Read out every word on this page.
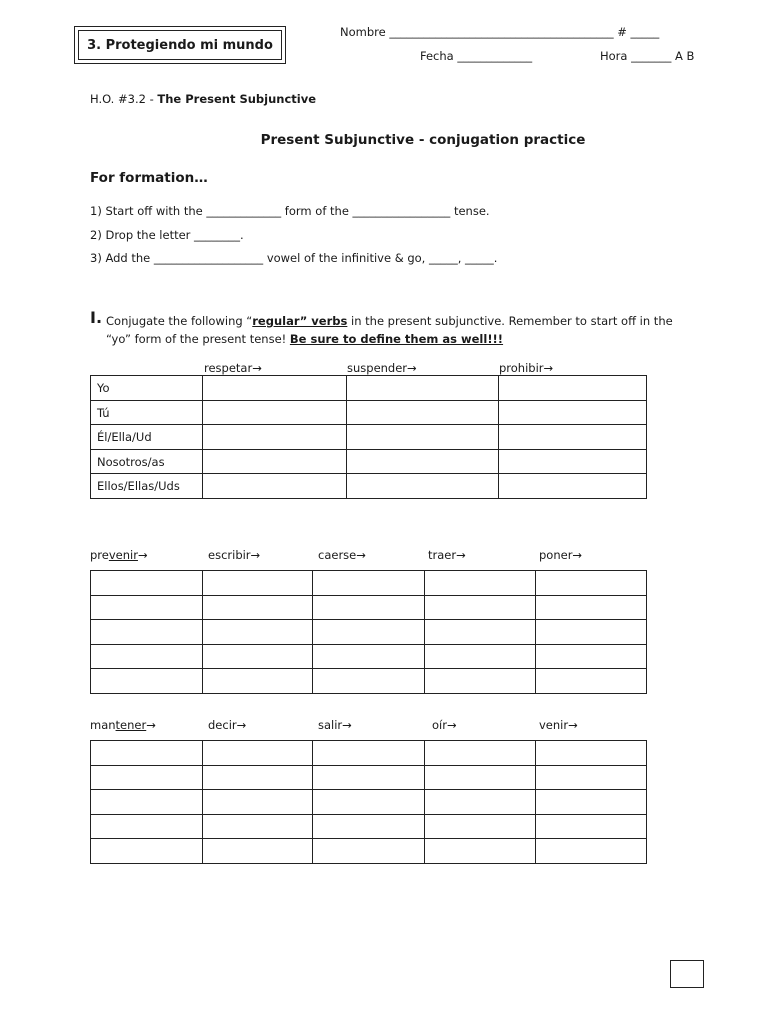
3. Protegiendo mi mundo
Nombre _______________________________________ # _____
Fecha _____________	Hora _______ A B
H.O. #3.2 - The Present Subjunctive
Present Subjunctive - conjugation practice
For formation…
1) Start off with the _____________ form of the _________________ tense.
2) Drop the letter ________.
3) Add the ___________________ vowel of the infinitive & go, _____, _____.
I. Conjugate the following “regular” verbs in the present subjunctive. Remember to start off in the “yo” form of the present tense! Be sure to define them as well!!!
respetar→	suspender→	prohibir→
Yo			
Tú			
Él/Ella/Ud			
Nosotros/as			
Ellos/Ellas/Uds			
prevenir→	escribir→	caerse→	traer→	poner→

mantener→	decir→	salir→	oír→	venir→
